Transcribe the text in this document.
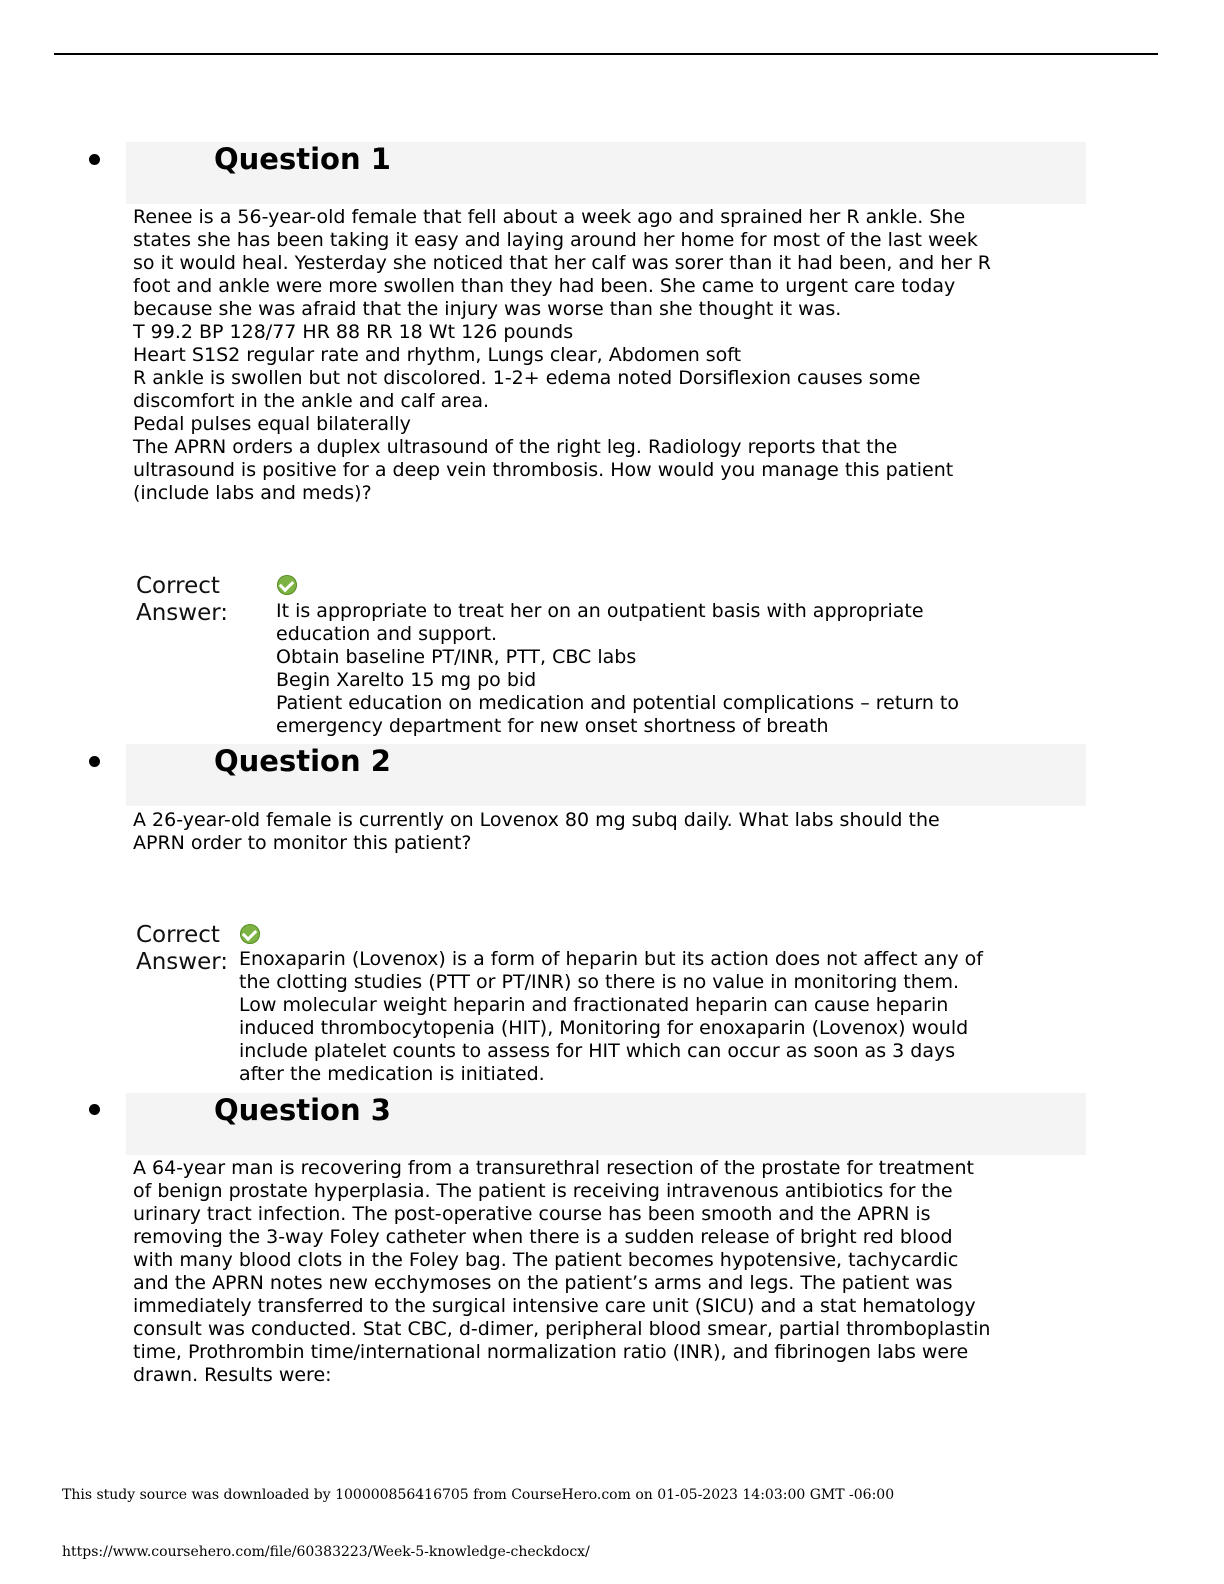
Question 1

Renee is a 56-year-old female that fell about a week ago and sprained her R ankle. She

states she has been taking it easy and laying around her home for most of the last week

so it would heal. Yesterday she noticed that her calf was sorer than it had been, and her R

foot and ankle were more swollen than they had been. She came to urgent care today

because she was afraid that the injury was worse than she thought it was.

T 99.2 BP 128/77 HR 88 RR 18 Wt 126 pounds

Heart S1S2 regular rate and rhythm, Lungs clear, Abdomen soft

R ankle is swollen but not discolored. 1-2+ edema noted Dorsiflexion causes some

discomfort in the ankle and calf area.

Pedal pulses equal bilaterally

The APRN orders a duplex ultrasound of the right leg. Radiology reports that the

ultrasound is positive for a deep vein thrombosis. How would you manage this patient

(include labs and meds)?

Correct
Answer:	It is appropriate to treat her on an outpatient basis with appropriate

education and support.

Obtain baseline PT/INR, PTT, CBC labs

Begin Xarelto 15 mg po bid

Patient education on medication and potential complications – return to

emergency department for new onset shortness of breath

Question 2

A 26-year-old female is currently on Lovenox 80 mg subq daily. What labs should the

APRN order to monitor this patient?

Correct
Answer: Enoxaparin (Lovenox) is a form of heparin but its action does not affect any of

the clotting studies (PTT or PT/INR) so there is no value in monitoring them.

Low molecular weight heparin and fractionated heparin can cause heparin

induced thrombocytopenia (HIT), Monitoring for enoxaparin (Lovenox) would

include platelet counts to assess for HIT which can occur as soon as 3 days

after the medication is initiated.

Question 3

A 64-year man is recovering from a transurethral resection of the prostate for treatment

of benign prostate hyperplasia. The patient is receiving intravenous antibiotics for the

urinary tract infection. The post-operative course has been smooth and the APRN is

removing the 3-way Foley catheter when there is a sudden release of bright red blood

with many blood clots in the Foley bag. The patient becomes hypotensive, tachycardic

and the APRN notes new ecchymoses on the patient’s arms and legs. The patient was

immediately transferred to the surgical intensive care unit (SICU) and a stat hematology

consult was conducted. Stat CBC, d-dimer, peripheral blood smear, partial thromboplastin

time, Prothrombin time/international normalization ratio (INR), and fibrinogen labs were

drawn. Results were:

This study source was downloaded by 100000856416705 from CourseHero.com on 01-05-2023 14:03:00 GMT -06:00
https://www.coursehero.com/file/60383223/Week-5-knowledge-checkdocx/
